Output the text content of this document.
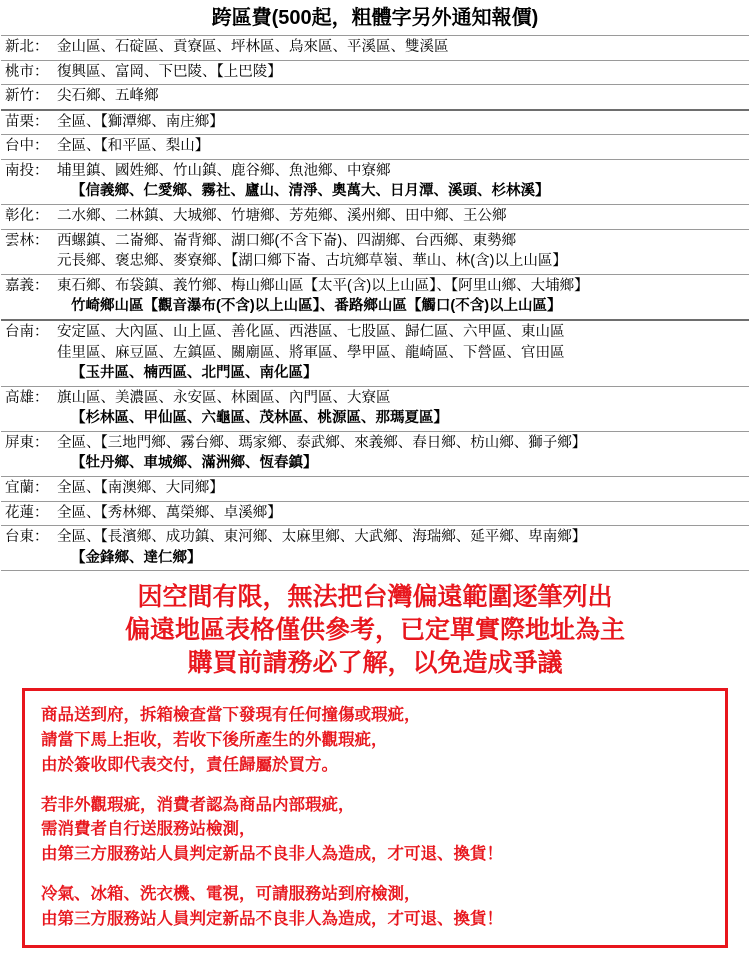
跨區費(500起，粗體字另外通知報價)
新北：	金山區、石碇區、貢寮區、坪林區、烏來區、平溪區、雙溪區

桃市：	復興區、富岡、下巴陵、【上巴陵】

新竹：	尖石鄉、五峰鄉

苗栗：	全區、【獅潭鄉、南庄鄉】

台中：	全區、【和平區、梨山】

南投：	埔里鎮、國姓鄉、竹山鎮、鹿谷鄉、魚池鄉、中寮鄉
【信義鄉、仁愛鄉、霧社、廬山、清淨、奧萬大、日月潭、溪頭、杉林溪】

彰化：	二水鄉、二林鎮、大城鄉、竹塘鄉、芳苑鄉、溪州鄉、田中鄉、王公鄉

雲林：	西螺鎮、二崙鄉、崙背鄉、湖口鄉(不含下崙)、四湖鄉、台西鄉、東勢鄉
元長鄉、褒忠鄉、麥寮鄉、【湖口鄉下崙、古坑鄉草嶺、華山、林(含)以上山區】

嘉義：	東石鄉、布袋鎮、義竹鄉、梅山鄉山區【太平(含)以上山區】、【阿里山鄉、大埔鄉】
竹崎鄉山區【觀音瀑布(不含)以上山區】、番路鄉山區【觸口(不含)以上山區】

台南：	安定區、大內區、山上區、善化區、西港區、七股區、歸仁區、六甲區、東山區
佳里區、麻豆區、左鎮區、關廟區、將軍區、學甲區、龍崎區、下營區、官田區
【玉井區、楠西區、北門區、南化區】

高雄：	旗山區、美濃區、永安區、林園區、內門區、大寮區
【杉林區、甲仙區、六龜區、茂林區、桃源區、那瑪夏區】

屏東：	全區、【三地門鄉、霧台鄉、瑪家鄉、泰武鄉、來義鄉、春日鄉、枋山鄉、獅子鄉】
【牡丹鄉、車城鄉、滿洲鄉、恆春鎮】

宜蘭：	全區、【南澳鄉、大同鄉】

花蓮：	全區、【秀林鄉、萬榮鄉、卓溪鄉】

台東：	全區、【長濱鄉、成功鎮、東河鄉、太麻里鄉、大武鄉、海瑞鄉、延平鄉、卑南鄉】
【金鋒鄉、達仁鄉】
因空間有限，無法把台灣偏遠範圍逐筆列出
偏遠地區表格僅供參考，已定單實際地址為主
購買前請務必了解，以免造成爭議

商品送到府，拆箱檢查當下發現有任何撞傷或瑕疵，
請當下馬上拒收，若收下後所產生的外觀瑕疵，
由於簽收即代表交付，責任歸屬於買方。

若非外觀瑕疵，消費者認為商品内部瑕疵，
需消費者自行送服務站檢測，
由第三方服務站人員判定新品不良非人為造成，才可退、換貨！

冷氣、冰箱、洗衣機、電視，可請服務站到府檢測，
由第三方服務站人員判定新品不良非人為造成，才可退、換貨！
